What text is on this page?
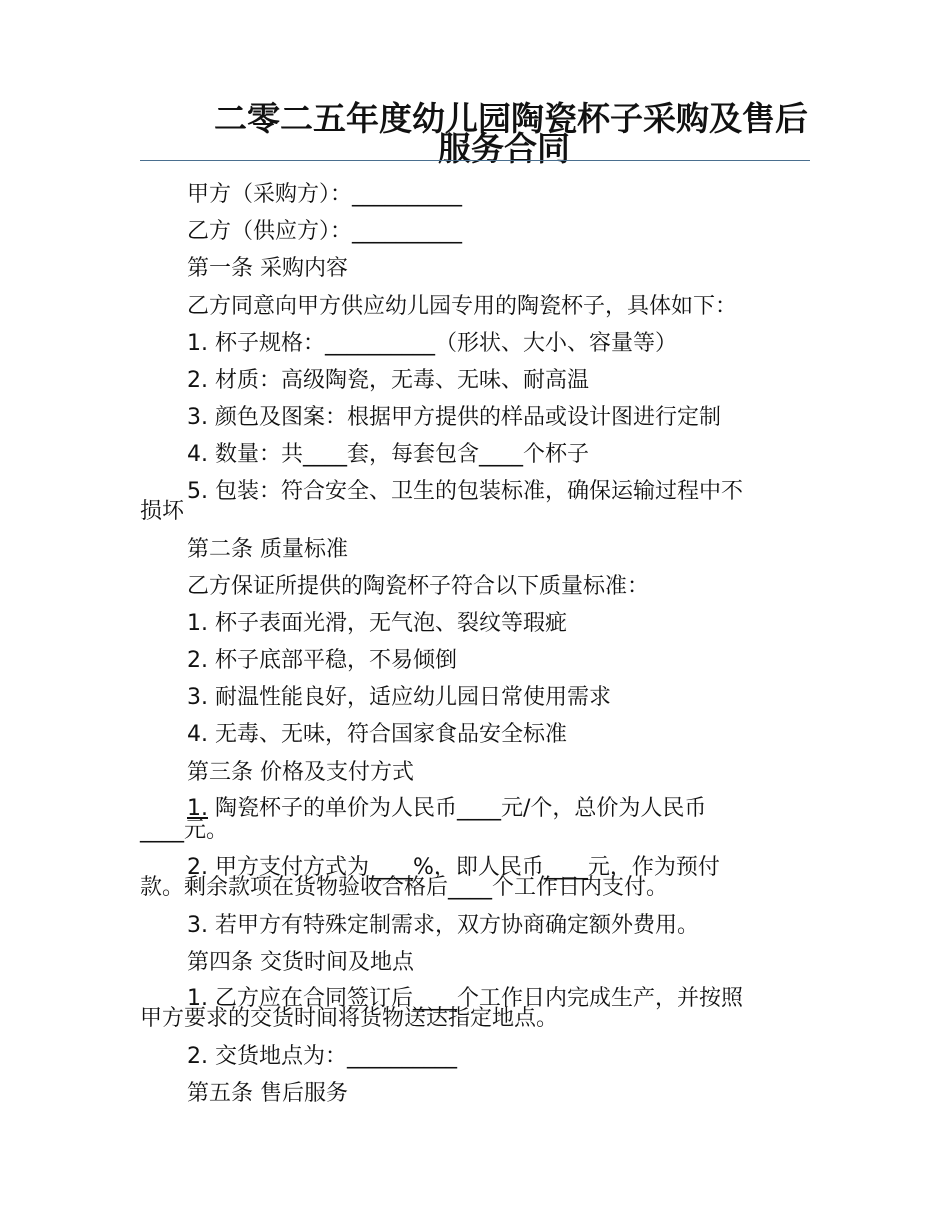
二零二五年度幼儿园陶瓷杯子采购及售后
服务合同
甲方（采购方）：__________
乙方（供应方）：__________
第一条 采购内容
乙方同意向甲方供应幼儿园专用的陶瓷杯子，具体如下：
1. 杯子规格：__________（形状、大小、容量等）
2. 材质：高级陶瓷，无毒、无味、耐高温
3. 颜色及图案：根据甲方提供的样品或设计图进行定制
4. 数量：共____套，每套包含____个杯子
5. 包装：符合安全、卫生的包装标准，确保运输过程中不
损坏
第二条 质量标准
乙方保证所提供的陶瓷杯子符合以下质量标准：
1. 杯子表面光滑，无气泡、裂纹等瑕疵
2. 杯子底部平稳，不易倾倒
3. 耐温性能良好，适应幼儿园日常使用需求
4. 无毒、无味，符合国家食品安全标准
第三条 价格及支付方式
1. 陶瓷杯子的单价为人民币____元/个，总价为人民币
____元。
2. 甲方支付方式为____%，即人民币____元，作为预付
款。剩余款项在货物验收合格后____个工作日内支付。
3. 若甲方有特殊定制需求，双方协商确定额外费用。
第四条 交货时间及地点
1. 乙方应在合同签订后____个工作日内完成生产，并按照
甲方要求的交货时间将货物送达指定地点。
2. 交货地点为：__________
第五条 售后服务
